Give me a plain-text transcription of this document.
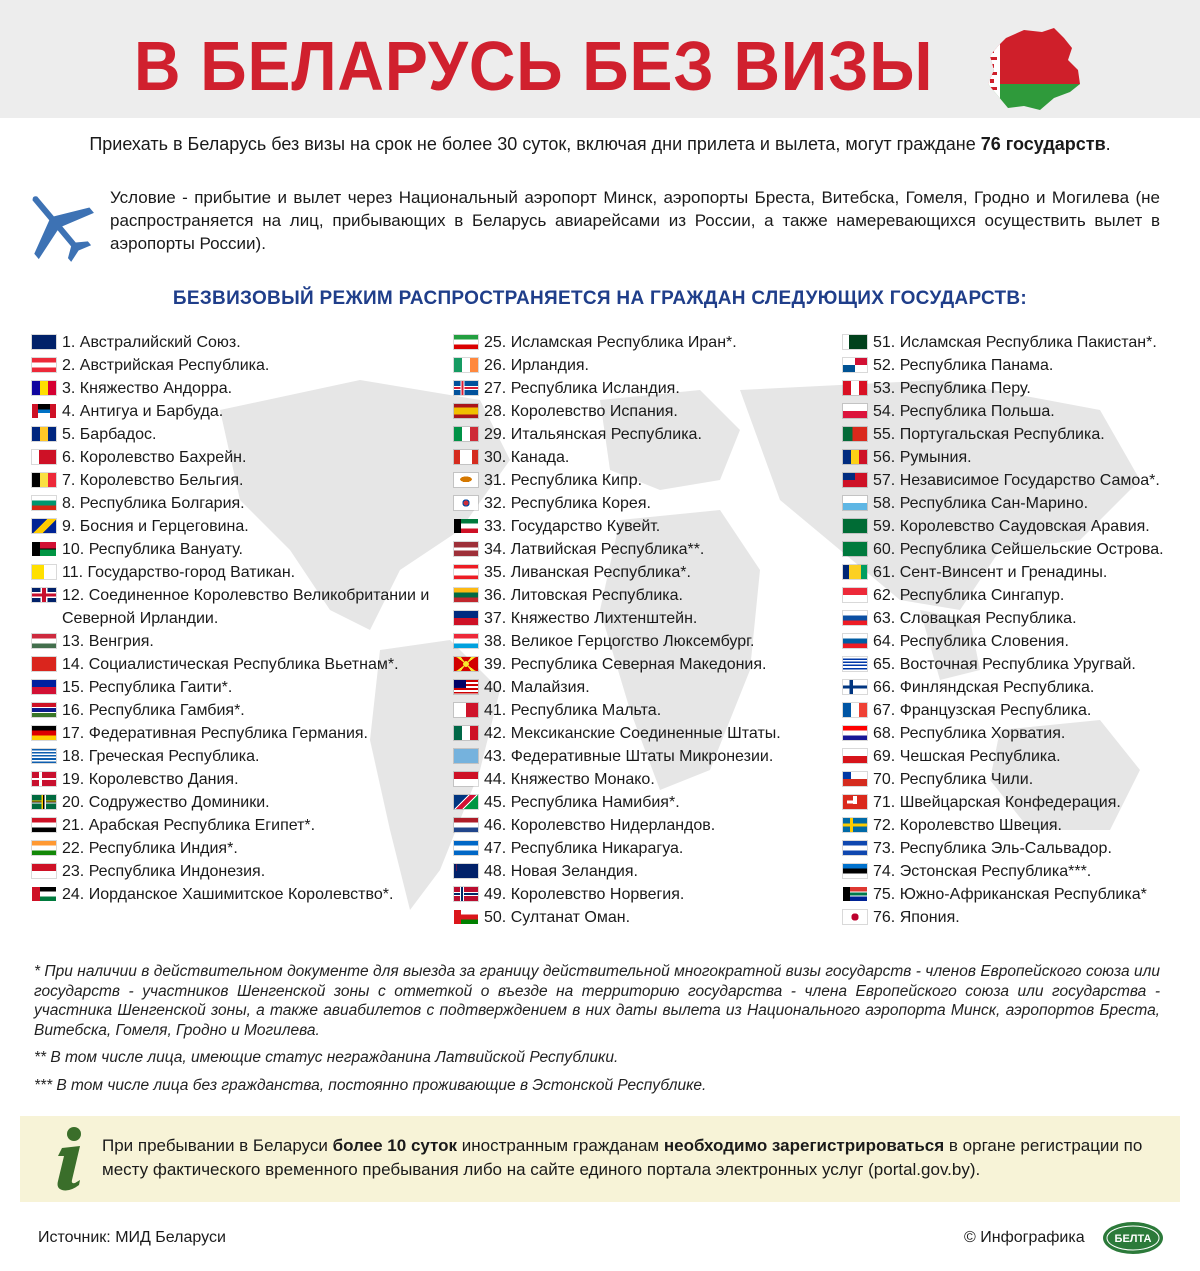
В БЕЛАРУСЬ БЕЗ ВИЗЫ
Приехать в Беларусь без визы на срок не более 30 суток, включая дни прилета и вылета, могут граждане 76 государств.
Условие - прибытие и вылет через Национальный аэропорт Минск, аэропорты Бреста, Витебска, Гомеля, Гродно и Могилева (не распространяется на лиц, прибывающих в Беларусь авиарейсами из России, а также намеревающихся осуществить вылет в аэропорты России).
БЕЗВИЗОВЫЙ РЕЖИМ РАСПРОСТРАНЯЕТСЯ НА ГРАЖДАН СЛЕДУЮЩИХ ГОСУДАРСТВ:
1. Австралийский Союз.
2. Австрийская Республика.
3. Княжество Андорра.
4. Антигуа и Барбуда.
5. Барбадос.
6. Королевство Бахрейн.
7. Королевство Бельгия.
8. Республика Болгария.
9. Босния и Герцеговина.
10. Республика Вануату.
11. Государство-город Ватикан.
12. Соединенное Королевство Великобритании и Северной Ирландии.
13. Венгрия.
14. Социалистическая Республика Вьетнам*.
15. Республика Гаити*.
16. Республика Гамбия*.
17. Федеративная Республика Германия.
18. Греческая Республика.
19. Королевство Дания.
20. Содружество Доминики.
21. Арабская Республика Египет*.
22. Республика Индия*.
23. Республика Индонезия.
24. Иорданское Хашимитское Королевство*.
25. Исламская Республика Иран*.
26. Ирландия.
27. Республика Исландия.
28. Королевство Испания.
29. Итальянская Республика.
30. Канада.
31. Республика Кипр.
32. Республика Корея.
33. Государство Кувейт.
34. Латвийская Республика**.
35. Ливанская Республика*.
36. Литовская Республика.
37. Княжество Лихтенштейн.
38. Великое Герцогство Люксембург.
39. Республика Северная Македония.
40. Малайзия.
41. Республика Мальта.
42. Мексиканские Соединенные Штаты.
43. Федеративные Штаты Микронезии.
44. Княжество Монако.
45. Республика Намибия*.
46. Королевство Нидерландов.
47. Республика Никарагуа.
48. Новая Зеландия.
49. Королевство Норвегия.
50. Султанат Оман.
51. Исламская Республика Пакистан*.
52. Республика Панама.
53. Республика Перу.
54. Республика Польша.
55. Португальская Республика.
56. Румыния.
57. Независимое Государство Самоа*.
58. Республика Сан-Марино.
59. Королевство Саудовская Аравия.
60. Республика Сейшельские Острова.
61. Сент-Винсент и Гренадины.
62. Республика Сингапур.
63. Словацкая Республика.
64. Республика Словения.
65. Восточная Республика Уругвай.
66. Финляндская Республика.
67. Французская Республика.
68. Республика Хорватия.
69. Чешская Республика.
70. Республика Чили.
71. Швейцарская Конфедерация.
72. Королевство Швеция.
73. Республика Эль-Сальвадор.
74. Эстонская Республика***.
75. Южно-Африканская Республика*
76. Япония.

* При наличии в действительном документе для выезда за границу действительной многократной визы государств - членов Европейского союза или государств - участников Шенгенской зоны с отметкой о въезде на территорию государства - члена Европейского союза или государства - участника Шенгенской зоны, а также авиабилетов с подтверждением в них даты вылета из Национального аэропорта Минск, аэропортов Бреста, Витебска, Гомеля, Гродно и Могилева.

** В том числе лица, имеющие статус негражданина Латвийской Республики.

*** В том числе лица без гражданства, постоянно проживающие в Эстонской Республике.

При пребывании в Беларуси более 10 суток иностранным гражданам необходимо зарегистрироваться в органе регистрации по месту фактического временного пребывания либо на сайте единого портала электронных услуг (portal.gov.by).
Источник: МИД Беларуси	© Инфографика	БЕЛТА
